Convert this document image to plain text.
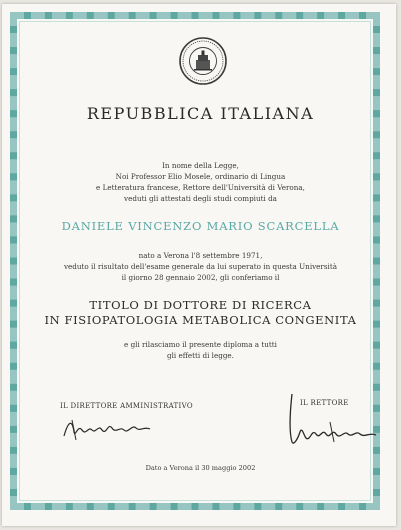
REPUBBLICA ITALIANA
In nome della Legge,
Noi Professor Elio Mosele, ordinario di Lingua
e Letteratura francese, Rettore dell'Università di Verona,
veduti gli attestati degli studi compiuti da
DANIELE VINCENZO MARIO SCARCELLA
nato a Verona l'8 settembre 1971,
veduto il risultato dell'esame generale da lui superato in questa Università
il giorno 28 gennaio 2002, gli conferiamo il
TITOLO DI DOTTORE DI RICERCA
IN FISIOPATOLOGIA METABOLICA CONGENITA
e gli rilasciamo il presente diploma a tutti
gli effetti di legge.
IL DIRETTORE AMMINISTRATIVO	IL RETTORE
Dato a Verona il 30 maggio 2002
